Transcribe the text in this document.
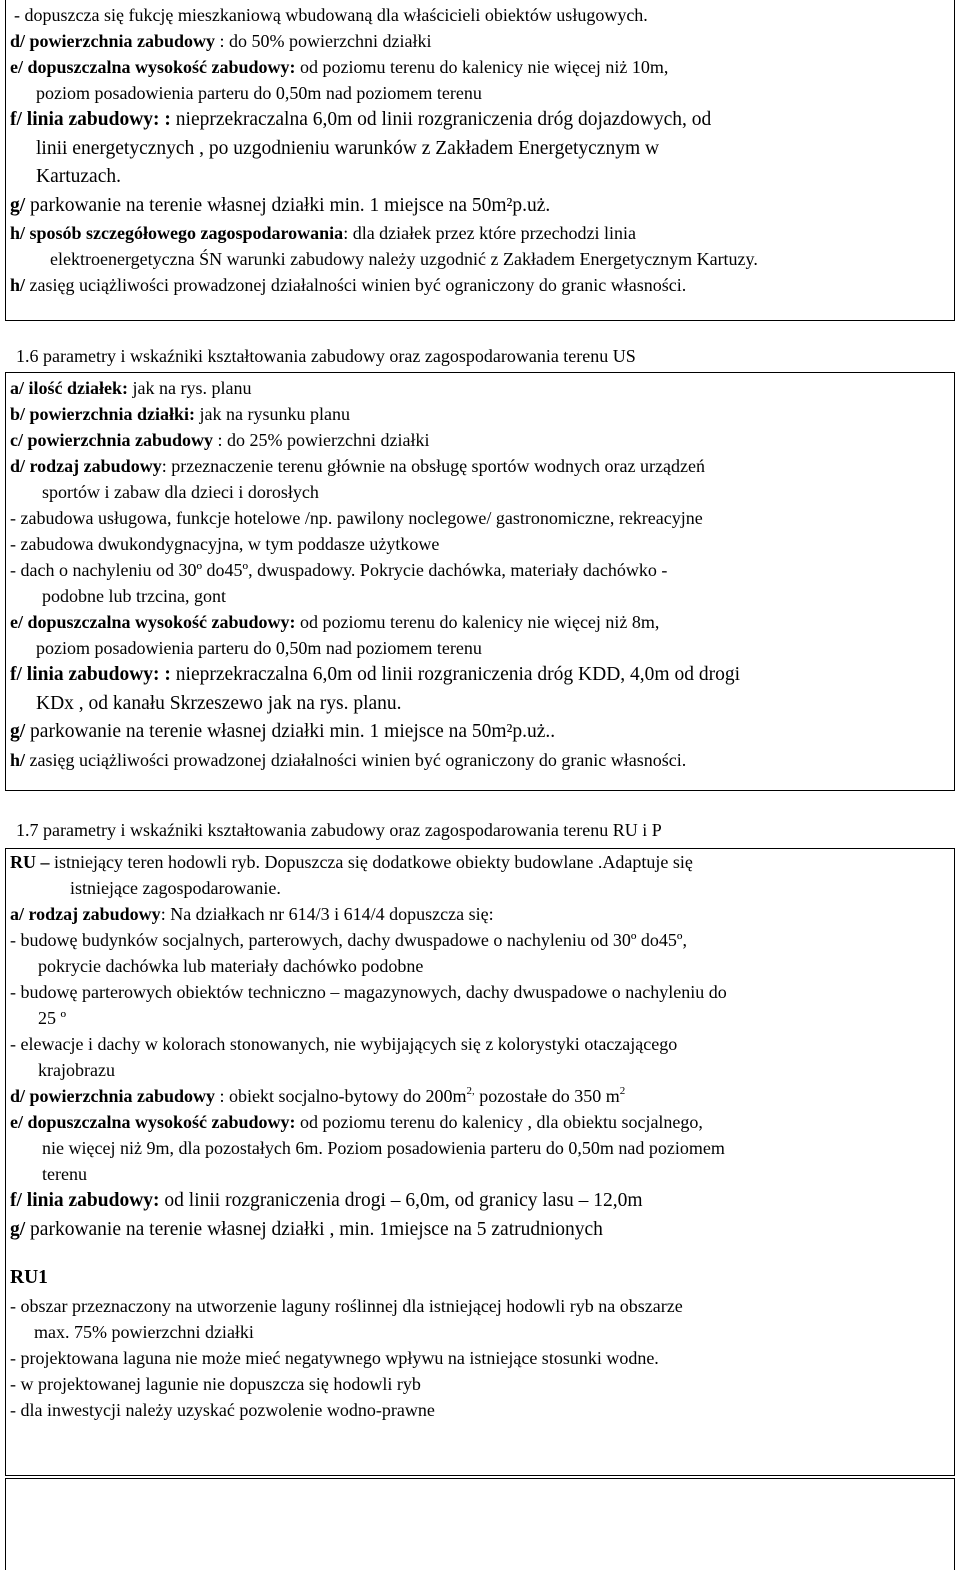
- dopuszcza się fukcję mieszkaniową wbudowaną dla właścicieli obiektów usługowych.
d/ powierzchnia zabudowy : do 50% powierzchni działki
e/ dopuszczalna wysokość zabudowy: od poziomu terenu do kalenicy nie więcej niż 10m,
poziom posadowienia parteru do 0,50m nad poziomem terenu
f/ linia zabudowy: : nieprzekraczalna 6,0m od linii rozgraniczenia dróg dojazdowych, od
linii energetycznych , po uzgodnieniu warunków z Zakładem Energetycznym w
Kartuzach.
g/ parkowanie na terenie własnej działki min. 1 miejsce na 50m²p.uż.
h/ sposób szczegółowego zagospodarowania: dla działek przez które przechodzi linia
elektroenergetyczna ŚN warunki zabudowy należy uzgodnić z Zakładem Energetycznym Kartuzy.
h/ zasięg uciążliwości prowadzonej działalności winien być ograniczony do granic własności.

1.6 parametry i wskaźniki kształtowania zabudowy oraz zagospodarowania terenu US

a/ ilość działek: jak na rys. planu
b/ powierzchnia działki: jak na rysunku planu
c/ powierzchnia zabudowy : do 25% powierzchni działki
d/ rodzaj zabudowy: przeznaczenie terenu głównie na obsługę sportów wodnych oraz urządzeń
sportów i zabaw dla dzieci i dorosłych
- zabudowa usługowa, funkcje hotelowe /np. pawilony noclegowe/ gastronomiczne, rekreacyjne
- zabudowa dwukondygnacyjna, w tym poddasze użytkowe
- dach o nachyleniu od 30º do45º, dwuspadowy. Pokrycie dachówka, materiały dachówko -
podobne lub trzcina, gont
e/ dopuszczalna wysokość zabudowy: od poziomu terenu do kalenicy nie więcej niż 8m,
poziom posadowienia parteru do 0,50m nad poziomem terenu
f/ linia zabudowy: : nieprzekraczalna 6,0m od linii rozgraniczenia dróg KDD, 4,0m od drogi
KDx , od kanału Skrzeszewo jak na rys. planu.
g/ parkowanie na terenie własnej działki min. 1 miejsce na 50m²p.uż..
h/ zasięg uciążliwości prowadzonej działalności winien być ograniczony do granic własności.

1.7 parametry i wskaźniki kształtowania zabudowy oraz zagospodarowania terenu RU i P

RU – istniejący teren hodowli ryb. Dopuszcza się dodatkowe obiekty budowlane .Adaptuje się
istniejące zagospodarowanie.
a/ rodzaj zabudowy: Na działkach nr 614/3 i 614/4 dopuszcza się:
- budowę budynków socjalnych, parterowych, dachy dwuspadowe o nachyleniu od 30º do45º,
pokrycie dachówka lub materiały dachówko podobne
- budowę parterowych obiektów techniczno – magazynowych, dachy dwuspadowe o nachyleniu do
25 º
- elewacje i dachy w kolorach stonowanych, nie wybijających się z kolorystyki otaczającego
krajobrazu
d/ powierzchnia zabudowy : obiekt socjalno-bytowy do $200m^{2,}$ pozostałe do 350 $m^2$
e/ dopuszczalna wysokość zabudowy: od poziomu terenu do kalenicy , dla obiektu socjalnego,
nie więcej niż 9m, dla pozostałych 6m. Poziom posadowienia parteru do 0,50m nad poziomem
terenu
f/ linia zabudowy: od linii rozgraniczenia drogi – 6,0m, od granicy lasu – 12,0m
g/ parkowanie na terenie własnej działki , min. 1miejsce na 5 zatrudnionych
RU1
- obszar przeznaczony na utworzenie laguny roślinnej dla istniejącej hodowli ryb na obszarze
max. 75% powierzchni działki
- projektowana laguna nie może mieć negatywnego wpływu na istniejące stosunki wodne.
- w projektowanej lagunie nie dopuszcza się hodowli ryb
- dla inwestycji należy uzyskać pozwolenie wodno-prawne
